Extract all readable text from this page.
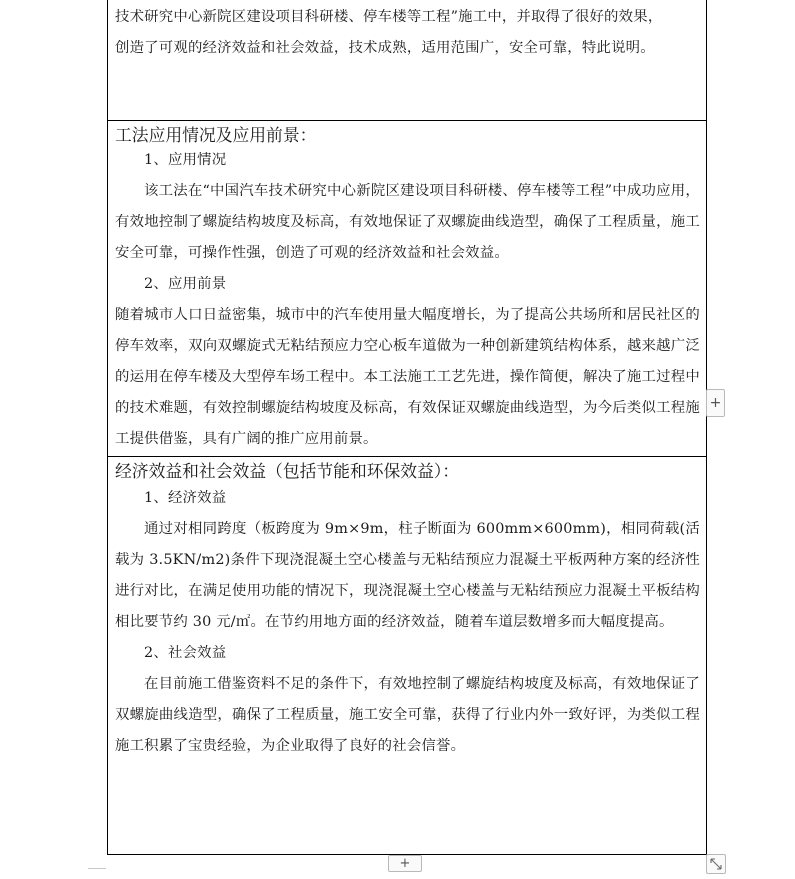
技术研究中心新院区建设项目科研楼、停车楼等工程”施工中，并取得了很好的效果，

创造了可观的经济效益和社会效益，技术成熟，适用范围广，安全可靠，特此说明。

工法应用情况及应用前景：

1、应用情况

该工法在“中国汽车技术研究中心新院区建设项目科研楼、停车楼等工程”中成功应用，有效地控制了螺旋结构坡度及标高，有效地保证了双螺旋曲线造型，确保了工程质量，施工安全可靠，可操作性强，创造了可观的经济效益和社会效益。

2、应用前景

随着城市人口日益密集，城市中的汽车使用量大幅度增长，为了提高公共场所和居民社区的停车效率，双向双螺旋式无粘结预应力空心板车道做为一种创新建筑结构体系，越来越广泛的运用在停车楼及大型停车场工程中。本工法施工工艺先进，操作简便，解决了施工过程中的技术难题，有效控制螺旋结构坡度及标高，有效保证双螺旋曲线造型，为今后类似工程施工提供借鉴，具有广阔的推广应用前景。

经济效益和社会效益（包括节能和环保效益）：

1、经济效益

通过对相同跨度（板跨度为 9m×9m，柱子断面为 600mm×600mm)，相同荷载(活载为 3.5KN/m2)条件下现浇混凝土空心楼盖与无粘结预应力混凝土平板两种方案的经济性进行对比，在满足使用功能的情况下，现浇混凝土空心楼盖与无粘结预应力混凝土平板结构相比要节约 30 元/㎡。在节约用地方面的经济效益，随着车道层数增多而大幅度提高。

2、社会效益

在目前施工借鉴资料不足的条件下，有效地控制了螺旋结构坡度及标高，有效地保证了双螺旋曲线造型，确保了工程质量，施工安全可靠，获得了行业内外一致好评，为类似工程施工积累了宝贵经验，为企业取得了良好的社会信誉。

+
+
